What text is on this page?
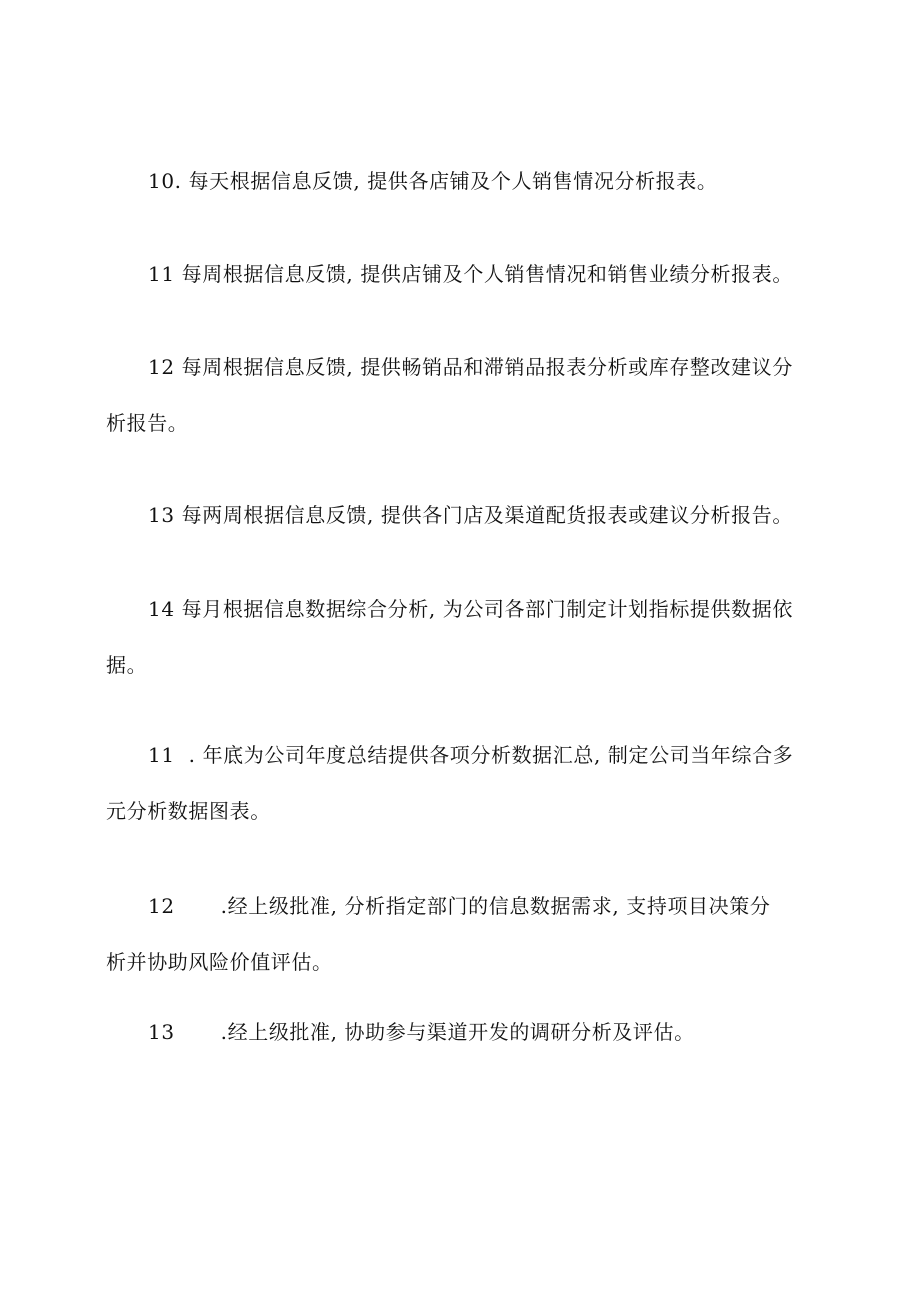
10. 每天根据信息反馈, 提供各店铺及个人销售情况分析报表。
11 每周根据信息反馈, 提供店铺及个人销售情况和销售业绩分析报表。
12 每周根据信息反馈, 提供畅销品和滞销品报表分析或库存整改建议分
析报告。
13 每两周根据信息反馈, 提供各门店及渠道配货报表或建议分析报告。
14 每月根据信息数据综合分析, 为公司各部门制定计划指标提供数据依
据。
11 . 年底为公司年度总结提供各项分析数据汇总, 制定公司当年综合多
元分析数据图表。
12 .经上级批准, 分析指定部门的信息数据需求, 支持项目决策分
析并协助风险价值评估。
13 .经上级批准, 协助参与渠道开发的调研分析及评估。
